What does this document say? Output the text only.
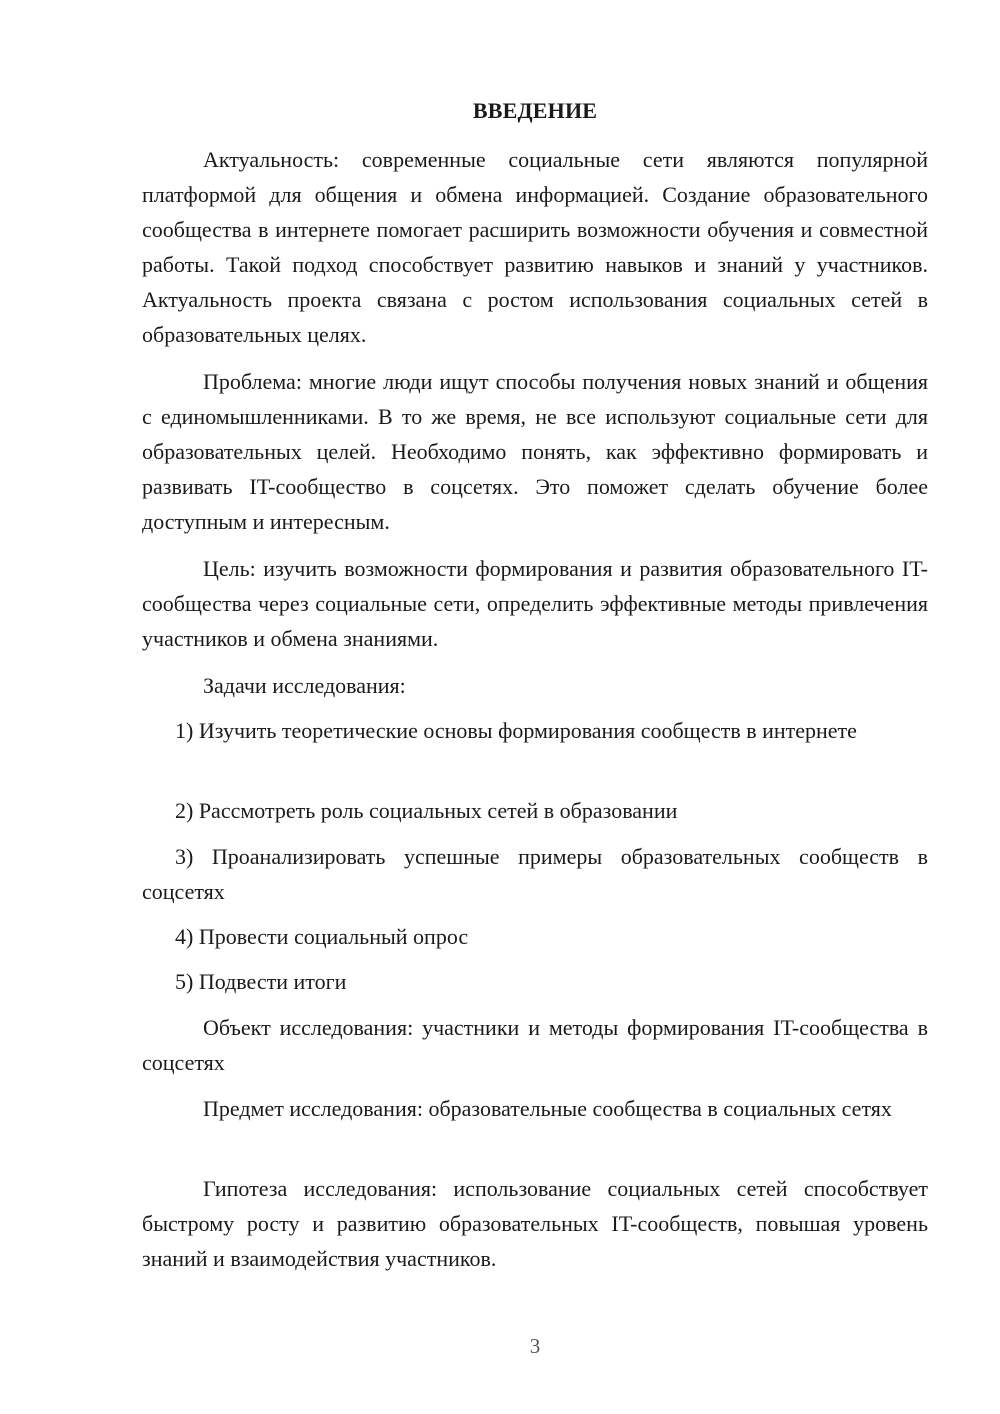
ВВЕДЕНИЕ

Актуальность: современные социальные сети являются популярной платформой для общения и обмена информацией. Создание образовательного сообщества в интернете помогает расширить возможности обучения и совместной работы. Такой подход способствует развитию навыков и знаний у участников. Актуальность проекта связана с ростом использования социальных сетей в образовательных целях.

Проблема: многие люди ищут способы получения новых знаний и общения с единомышленниками. В то же время, не все используют социальные сети для образовательных целей. Необходимо понять, как эффективно формировать и развивать IT-сообщество в соцсетях. Это поможет сделать обучение более доступным и интересным.

Цель: изучить возможности формирования и развития образовательного IT-сообщества через социальные сети, определить эффективные методы привлечения участников и обмена знаниями.

Задачи исследования:

1) Изучить теоретические основы формирования сообществ в интернете

2) Рассмотреть роль социальных сетей в образовании

3) Проанализировать успешные примеры образовательных сообществ в соцсетях

4) Провести социальный опрос

5) Подвести итоги

Объект исследования: участники и методы формирования IT-сообщества в соцсетях

Предмет исследования: образовательные сообщества в социальных сетях

Гипотеза исследования: использование социальных сетей способствует быстрому росту и развитию образовательных IT-сообществ, повышая уровень знаний и взаимодействия участников.

3
